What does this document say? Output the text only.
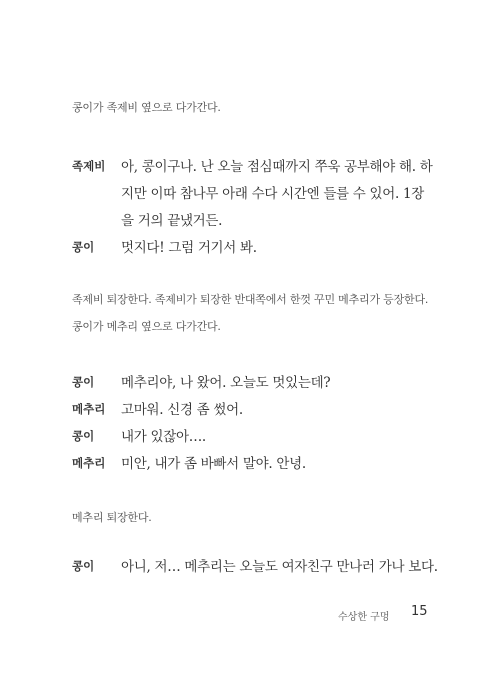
콩이가 족제비 옆으로 다가간다.
족제비 아, 콩이구나. 난 오늘 점심때까지 쭈욱 공부해야 해. 하
지만 이따 참나무 아래 수다 시간엔 들를 수 있어. 1장
을 거의 끝냈거든.
콩이 멋지다! 그럼 거기서 봐.
족제비 퇴장한다. 족제비가 퇴장한 반대쪽에서 한껏 꾸민 메추리가 등장한다.
콩이가 메추리 옆으로 다가간다.
콩이 메추리야, 나 왔어. 오늘도 멋있는데?
메추리 고마워. 신경 좀 썼어.
콩이 내가 있잖아….
메추리 미안, 내가 좀 바빠서 말야. 안녕.
메추리 퇴장한다.
콩이 아니, 저… 메추리는 오늘도 여자친구 만나러 가나 보다.
수상한 구멍 15
